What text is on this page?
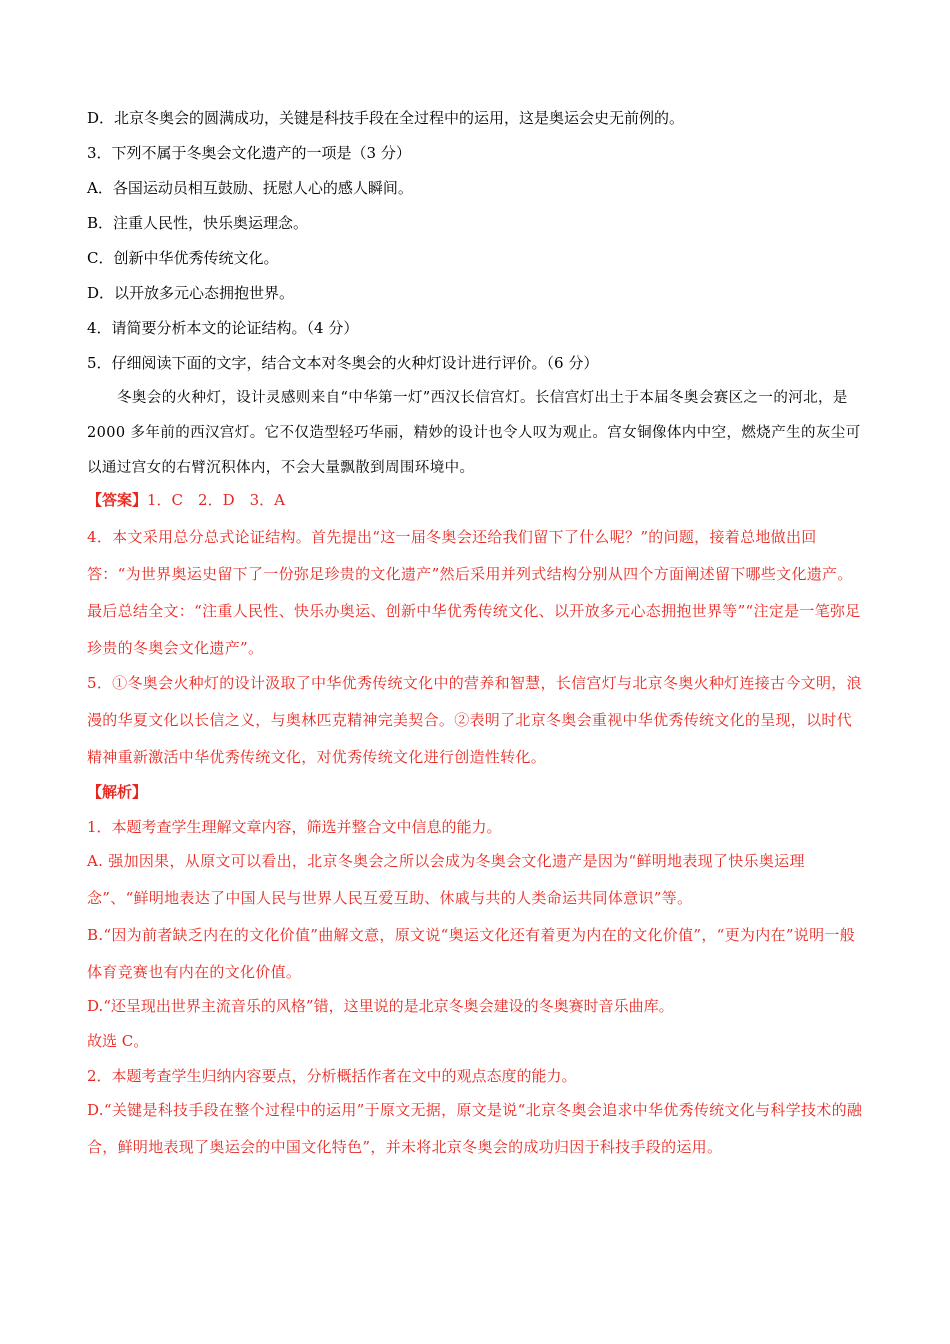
D．北京冬奥会的圆满成功，关键是科技手段在全过程中的运用，这是奥运会史无前例的。

3．下列不属于冬奥会文化遗产的一项是（3 分）

A．各国运动员相互鼓励、抚慰人心的感人瞬间。

B．注重人民性，快乐奥运理念。

C．创新中华优秀传统文化。

D．以开放多元心态拥抱世界。

4．请简要分析本文的论证结构。（4 分）

5．仔细阅读下面的文字，结合文本对冬奥会的火种灯设计进行评价。（6 分）

冬奥会的火种灯，设计灵感则来自“中华第一灯”西汉长信宫灯。长信宫灯出土于本届冬奥会赛区之一的河北，是 2000 多年前的西汉宫灯。它不仅造型轻巧华丽，精妙的设计也令人叹为观止。宫女铜像体内中空，燃烧产生的灰尘可以通过宫女的右臂沉积体内，不会大量飘散到周围环境中。

【答案】1．C　2．D　3．A

4．本文采用总分总式论证结构。首先提出“这一届冬奥会还给我们留下了什么呢？”的问题，接着总地做出回答：“为世界奥运史留下了一份弥足珍贵的文化遗产”然后采用并列式结构分别从四个方面阐述留下哪些文化遗产。最后总结全文：“注重人民性、快乐办奥运、创新中华优秀传统文化、以开放多元心态拥抱世界等”“注定是一笔弥足珍贵的冬奥会文化遗产”。

5．①冬奥会火种灯的设计汲取了中华优秀传统文化中的营养和智慧，长信宫灯与北京冬奥火种灯连接古今文明，浪漫的华夏文化以长信之义，与奥林匹克精神完美契合。②表明了北京冬奥会重视中华优秀传统文化的呈现，以时代精神重新激活中华优秀传统文化，对优秀传统文化进行创造性转化。

【解析】

1．本题考查学生理解文章内容，筛选并整合文中信息的能力。

A. 强加因果，从原文可以看出，北京冬奥会之所以会成为冬奥会文化遗产是因为“鲜明地表现了快乐奥运理念”、“鲜明地表达了中国人民与世界人民互爱互助、休戚与共的人类命运共同体意识”等。

B.“因为前者缺乏内在的文化价值”曲解文意，原文说“奥运文化还有着更为内在的文化价值”，“更为内在”说明一般体育竞赛也有内在的文化价值。

D.“还呈现出世界主流音乐的风格”错，这里说的是北京冬奥会建设的冬奥赛时音乐曲库。

故选 C。

2．本题考查学生归纳内容要点，分析概括作者在文中的观点态度的能力。

D.“关键是科技手段在整个过程中的运用”于原文无据，原文是说“北京冬奥会追求中华优秀传统文化与科学技术的融合，鲜明地表现了奥运会的中国文化特色”，并未将北京冬奥会的成功归因于科技手段的运用。
